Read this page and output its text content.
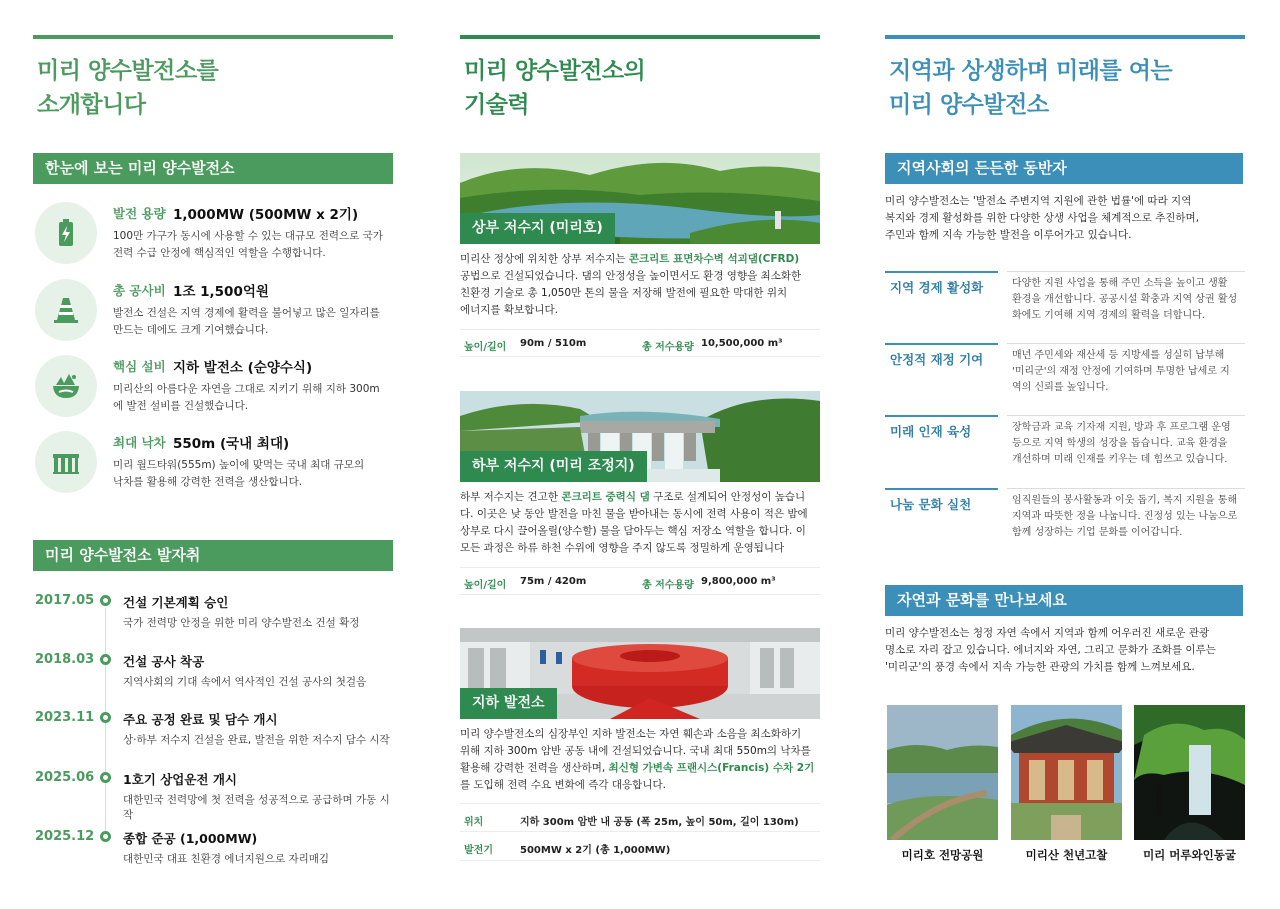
미리 양수발전소를
소개합니다
한눈에 보는 미리 양수발전소
발전 용량 1,000MW (500MW x 2기)
100만 가구가 동시에 사용할 수 있는 대규모 전력으로 국가
전력 수급 안정에 핵심적인 역할을 수행합니다.
총 공사비 1조 1,500억원
발전소 건설은 지역 경제에 활력을 불어넣고 많은 일자리를
만드는 데에도 크게 기여했습니다.
핵심 설비 지하 발전소 (순양수식)
미리산의 아름다운 자연을 그대로 지키기 위해 지하 300m
에 발전 설비를 건설했습니다.
최대 낙차 550m (국내 최대)
미리 월드타워(555m) 높이에 맞먹는 국내 최대 규모의
낙차를 활용해 강력한 전력을 생산합니다.
미리 양수발전소 발자취
2017.05 건설 기본계획 승인
국가 전력망 안정을 위한 미리 양수발전소 건설 확정
2018.03 건설 공사 착공
지역사회의 기대 속에서 역사적인 건설 공사의 첫걸음
2023.11 주요 공정 완료 및 담수 개시
상·하부 저수지 건설을 완료, 발전을 위한 저수지 담수 시작
2025.06 1호기 상업운전 개시
대한민국 전력망에 첫 전력을 성공적으로 공급하며 가동 시작
2025.12 종합 준공 (1,000MW)
대한민국 대표 친환경 에너지원으로 자리매김
미리 양수발전소의
기술력
상부 저수지 (미리호)
미리산 정상에 위치한 상부 저수지는 콘크리트 표면차수벽 석괴댐(CFRD)
공법으로 건설되었습니다. 댐의 안정성을 높이면서도 환경 영향을 최소화한
친환경 기술로 총 1,050만 톤의 물을 저장해 발전에 필요한 막대한 위치
에너지를 확보합니다.
높이/길이 90m / 510m	총 저수용량 10,500,000 m³
하부 저수지 (미리 조정지)
하부 저수지는 견고한 콘크리트 중력식 댐 구조로 설계되어 안정성이 높습니
다. 이곳은 낮 동안 발전을 마친 물을 받아내는 동시에 전력 사용이 적은 밤에
상부로 다시 끌어올릴(양수할) 물을 담아두는 핵심 저장소 역할을 합니다. 이
모든 과정은 하류 하천 수위에 영향을 주지 않도록 정밀하게 운영됩니다
높이/길이 75m / 420m	총 저수용량 9,800,000 m³
지하 발전소
미리 양수발전소의 심장부인 지하 발전소는 자연 훼손과 소음을 최소화하기
위해 지하 300m 암반 공동 내에 건설되었습니다. 국내 최대 550m의 낙차를
활용해 강력한 전력을 생산하며, 최신형 가변속 프랜시스(Francis) 수차 2기
를 도입해 전력 수요 변화에 즉각 대응합니다.
위치	지하 300m 암반 내 공동 (폭 25m, 높이 50m, 길이 130m)
발전기	500MW x 2기 (총 1,000MW)
지역과 상생하며 미래를 여는
미리 양수발전소
지역사회의 든든한 동반자
미리 양수발전소는 '발전소 주변지역 지원에 관한 법률'에 따라 지역
복지와 경제 활성화를 위한 다양한 상생 사업을 체계적으로 추진하며,
주민과 함께 지속 가능한 발전을 이루어가고 있습니다.
지역 경제 활성화	다양한 지원 사업을 통해 주민 소득을 높이고 생활
환경을 개선합니다. 공공시설 확충과 지역 상권 활성
화에도 기여해 지역 경제의 활력을 더합니다.
안정적 재정 기여	매년 주민세와 재산세 등 지방세를 성실히 납부해
'미리군'의 재정 안정에 기여하며 투명한 납세로 지
역의 신뢰를 높입니다.
미래 인재 육성	장학금과 교육 기자재 지원, 방과 후 프로그램 운영
등으로 지역 학생의 성장을 돕습니다. 교육 환경을
개선하며 미래 인재를 키우는 데 힘쓰고 있습니다.
나눔 문화 실천	임직원들의 봉사활동과 이웃 돕기, 복지 지원을 통해
지역과 따뜻한 정을 나눕니다. 진정성 있는 나눔으로
함께 성장하는 기업 문화를 이어갑니다.
자연과 문화를 만나보세요
미리 양수발전소는 청정 자연 속에서 지역과 함께 어우러진 새로운 관광
명소로 자리 잡고 있습니다. 에너지와 자연, 그리고 문화가 조화를 이루는
'미리군'의 풍경 속에서 지속 가능한 관광의 가치를 함께 느껴보세요.
미리호 전망공원	미리산 천년고찰	미리 머루와인동굴
